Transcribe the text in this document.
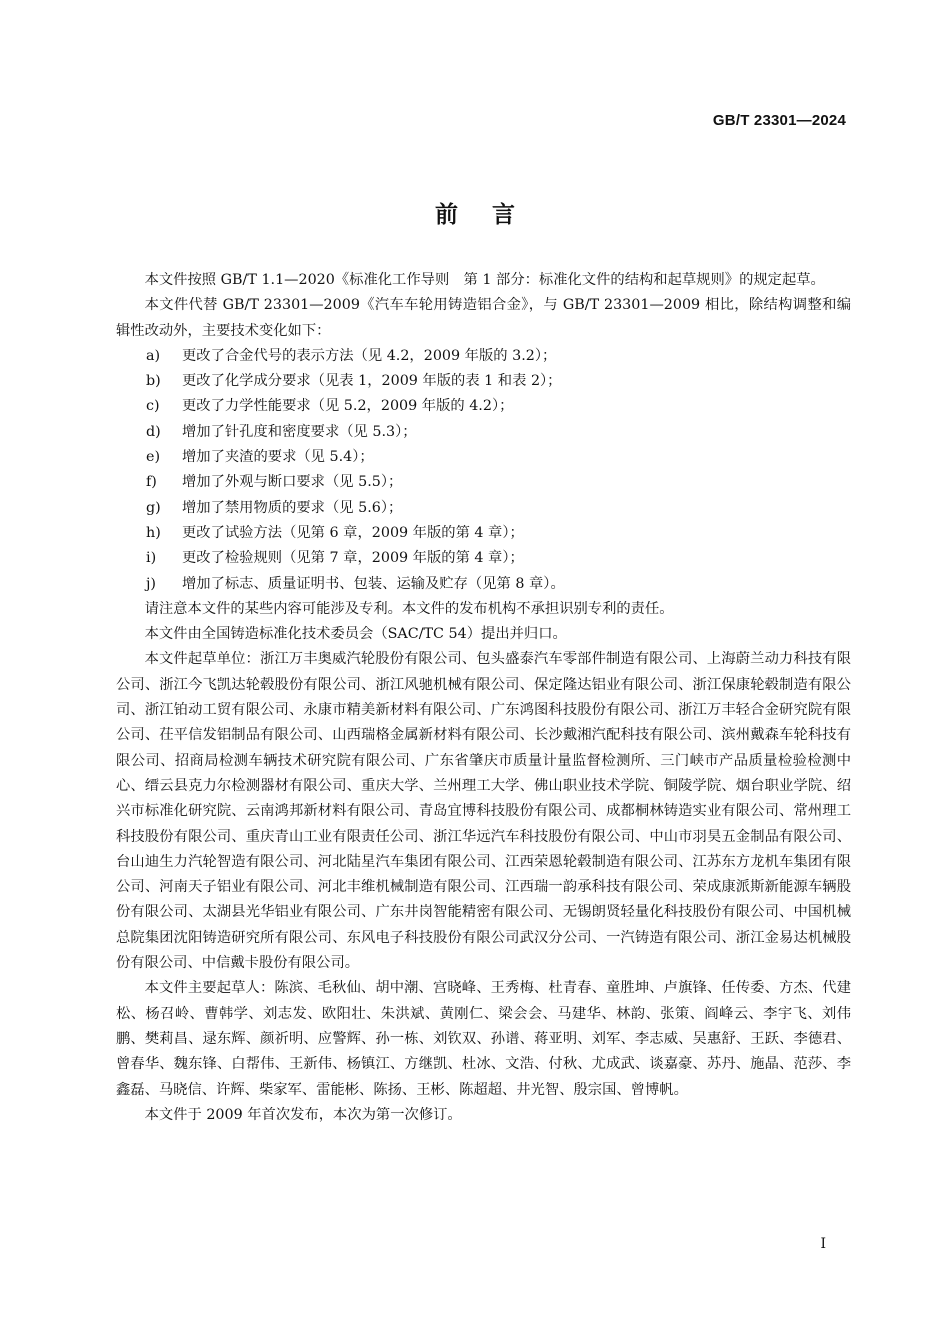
GB/T 23301—2024
前言

本文件按照 GB/T 1.1—2020《标准化工作导则　第 1 部分：标准化文件的结构和起草规则》的规定起草。

本文件代替 GB/T 23301—2009《汽车车轮用铸造铝合金》，与 GB/T 23301—2009 相比，除结构调整和编辑性改动外，主要技术变化如下：

a) 更改了合金代号的表示方法（见 4.2，2009 年版的 3.2）；
b) 更改了化学成分要求（见表 1，2009 年版的表 1 和表 2）；
c) 更改了力学性能要求（见 5.2，2009 年版的 4.2）；
d) 增加了针孔度和密度要求（见 5.3）；
e) 增加了夹渣的要求（见 5.4）；
f) 增加了外观与断口要求（见 5.5）；
g) 增加了禁用物质的要求（见 5.6）；
h) 更改了试验方法（见第 6 章，2009 年版的第 4 章）；
i) 更改了检验规则（见第 7 章，2009 年版的第 4 章）；
j) 增加了标志、质量证明书、包装、运输及贮存（见第 8 章）。

请注意本文件的某些内容可能涉及专利。本文件的发布机构不承担识别专利的责任。

本文件由全国铸造标准化技术委员会（SAC/TC 54）提出并归口。

本文件起草单位：浙江万丰奥威汽轮股份有限公司、包头盛泰汽车零部件制造有限公司、上海蔚兰动力科技有限公司、浙江今飞凯达轮毂股份有限公司、浙江风驰机械有限公司、保定隆达铝业有限公司、浙江保康轮毂制造有限公司、浙江铂动工贸有限公司、永康市精美新材料有限公司、广东鸿图科技股份有限公司、浙江万丰轻合金研究院有限公司、茌平信发铝制品有限公司、山西瑞格金属新材料有限公司、长沙戴湘汽配科技有限公司、滨州戴森车轮科技有限公司、招商局检测车辆技术研究院有限公司、广东省肇庆市质量计量监督检测所、三门峡市产品质量检验检测中心、缙云县克力尔检测器材有限公司、重庆大学、兰州理工大学、佛山职业技术学院、铜陵学院、烟台职业学院、绍兴市标准化研究院、云南鸿邦新材料有限公司、青岛宜博科技股份有限公司、成都桐林铸造实业有限公司、常州理工科技股份有限公司、重庆青山工业有限责任公司、浙江华远汽车科技股份有限公司、中山市羽昊五金制品有限公司、台山迪生力汽轮智造有限公司、河北陆星汽车集团有限公司、江西荣恩轮毂制造有限公司、江苏东方龙机车集团有限公司、河南天子铝业有限公司、河北丰维机械制造有限公司、江西瑞一韵承科技有限公司、荣成康派斯新能源车辆股份有限公司、太湖县光华铝业有限公司、广东井岗智能精密有限公司、无锡朗贤轻量化科技股份有限公司、中国机械总院集团沈阳铸造研究所有限公司、东风电子科技股份有限公司武汉分公司、一汽铸造有限公司、浙江金易达机械股份有限公司、中信戴卡股份有限公司。

本文件主要起草人：陈滨、毛秋仙、胡中潮、宫晓峰、王秀梅、杜青春、童胜坤、卢旗锋、任传委、方杰、代建松、杨召岭、曹韩学、刘志发、欧阳壮、朱洪斌、黄刚仁、梁会会、马建华、林韵、张策、阎峰云、李宇飞、刘伟鹏、樊莉昌、逯东辉、颜祈明、应警辉、孙一栋、刘钦双、孙谱、蒋亚明、刘军、李志威、吴惠舒、王跃、李德君、曾春华、魏东锋、白帮伟、王新伟、杨镇江、方继凯、杜冰、文浩、付秋、尤成武、谈嘉豪、苏丹、施晶、范莎、李鑫磊、马晓信、许辉、柴家军、雷能彬、陈扬、王彬、陈超超、井光智、殷宗国、曾博帆。

本文件于 2009 年首次发布，本次为第一次修订。

I
